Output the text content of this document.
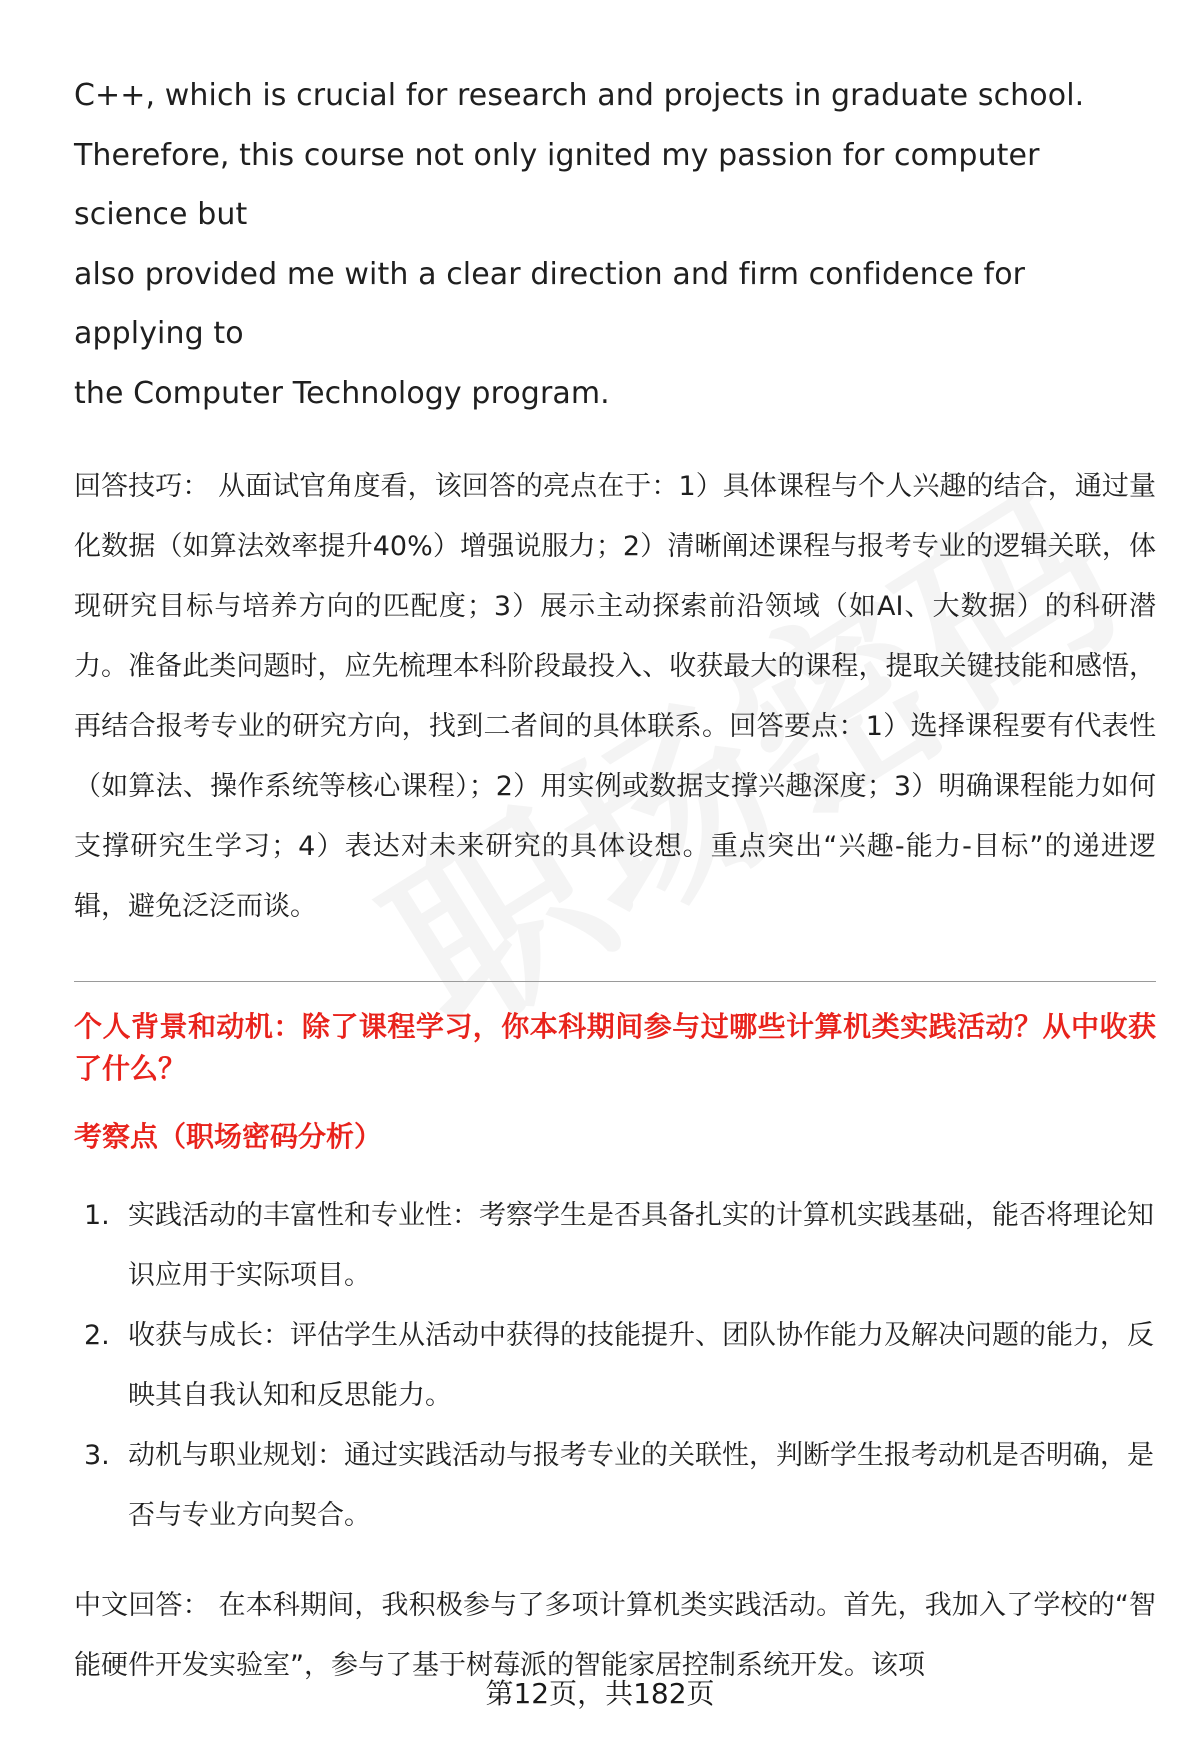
C++, which is crucial for research and projects in graduate school.
Therefore, this course not only ignited my passion for computer science but
also provided me with a clear direction and firm confidence for applying to
the Computer Technology program.

回答技巧： 从面试官角度看，该回答的亮点在于：1）具体课程与个人兴趣的结合，通过量化数据（如算法效率提升40%）增强说服力；2）清晰阐述课程与报考专业的逻辑关联，体现研究目标与培养方向的匹配度；3）展示主动探索前沿领域（如AI、大数据）的科研潜力。准备此类问题时，应先梳理本科阶段最投入、收获最大的课程，提取关键技能和感悟，再结合报考专业的研究方向，找到二者间的具体联系。回答要点：1）选择课程要有代表性（如算法、操作系统等核心课程）；2）用实例或数据支撑兴趣深度；3）明确课程能力如何支撑研究生学习；4）表达对未来研究的具体设想。重点突出“兴趣-能力-目标”的递进逻辑，避免泛泛而谈。

个人背景和动机：除了课程学习，你本科期间参与过哪些计算机类实践活动？从中收获了什么？

考察点（职场密码分析）

1. 实践活动的丰富性和专业性：考察学生是否具备扎实的计算机实践基础，能否将理论知识应用于实际项目。
2. 收获与成长：评估学生从活动中获得的技能提升、团队协作能力及解决问题的能力，反映其自我认知和反思能力。
3. 动机与职业规划：通过实践活动与报考专业的关联性，判断学生报考动机是否明确，是否与专业方向契合。

中文回答： 在本科期间，我积极参与了多项计算机类实践活动。首先，我加入了学校的“智能硬件开发实验室”，参与了基于树莓派的智能家居控制系统开发。该项

第12页，共182页
